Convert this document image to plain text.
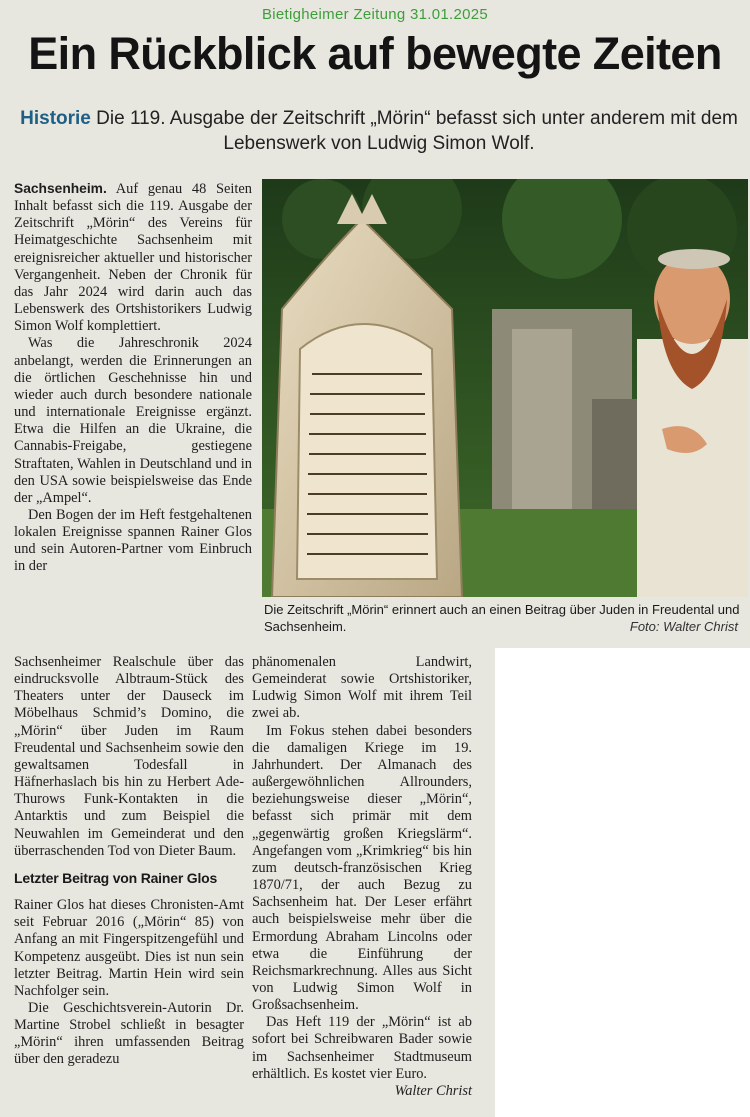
Bietigheimer Zeitung 31.01.2025
Ein Rückblick auf bewegte Zeiten
Historie Die 119. Ausgabe der Zeitschrift „Mörin“ befasst sich unter anderem mit dem Lebenswerk von Ludwig Simon Wolf.

Sachsenheim. Auf genau 48 Seiten Inhalt befasst sich die 119. Ausgabe der Zeitschrift „Mörin“ des Vereins für Heimatgeschichte Sachsenheim mit ereignisreicher aktueller und historischer Vergangenheit. Neben der Chronik für das Jahr 2024 wird darin auch das Lebenswerk des Ortshistorikers Ludwig Simon Wolf komplettiert.

Was die Jahreschronik 2024 anbelangt, werden die Erinnerungen an die örtlichen Geschehnisse hin und wieder auch durch besondere nationale und internationale Ereignisse ergänzt. Etwa die Hilfen an die Ukraine, die Cannabis-Freigabe, gestiegene Straftaten, Wahlen in Deutschland und in den USA sowie beispielsweise das Ende der „Ampel“.

Den Bogen der im Heft festgehaltenen lokalen Ereignisse spannen Rainer Glos und sein Autoren-Partner vom Einbruch in der

Die Zeitschrift „Mörin“ erinnert auch an einen Beitrag über Juden in Freudental und Sachsenheim.	Foto: Walter Christ

Sachsenheimer Realschule über das eindrucksvolle Albtraum-Stück des Theaters unter der Dauseck im Möbelhaus Schmid’s Domino, die „Mörin“ über Juden im Raum Freudental und Sachsenheim sowie den gewaltsamen Todesfall in Häfnerhaslach bis hin zu Herbert Ade-Thurows Funk-Kontakten in die Antarktis und zum Beispiel die Neuwahlen im Gemeinderat und den überraschenden Tod von Dieter Baum.

Letzter Beitrag von Rainer Glos

Rainer Glos hat dieses Chronisten-Amt seit Februar 2016 („Mörin“ 85) von Anfang an mit Fingerspitzengefühl und Kompetenz ausgeübt. Dies ist nun sein letzter Beitrag. Martin Hein wird sein Nachfolger sein.

Die Geschichtsverein-Autorin Dr. Martine Strobel schließt in besagter „Mörin“ ihren umfassenden Beitrag über den geradezu

phänomenalen Landwirt, Gemeinderat sowie Ortshistoriker, Ludwig Simon Wolf mit ihrem Teil zwei ab.

Im Fokus stehen dabei besonders die damaligen Kriege im 19. Jahrhundert. Der Almanach des außergewöhnlichen Allrounders, beziehungsweise dieser „Mörin“, befasst sich primär mit dem „gegenwärtig großen Kriegslärm“. Angefangen vom „Krimkrieg“ bis hin zum deutsch-französischen Krieg 1870/71, der auch Bezug zu Sachsenheim hat. Der Leser erfährt auch beispielsweise mehr über die Ermordung Abraham Lincolns oder etwa die Einführung der Reichsmarkrechnung. Alles aus Sicht von Ludwig Simon Wolf in Großsachsenheim.

Das Heft 119 der „Mörin“ ist ab sofort bei Schreibwaren Bader sowie im Sachsenheimer Stadtmuseum erhältlich. Es kostet vier Euro.
Walter Christ
